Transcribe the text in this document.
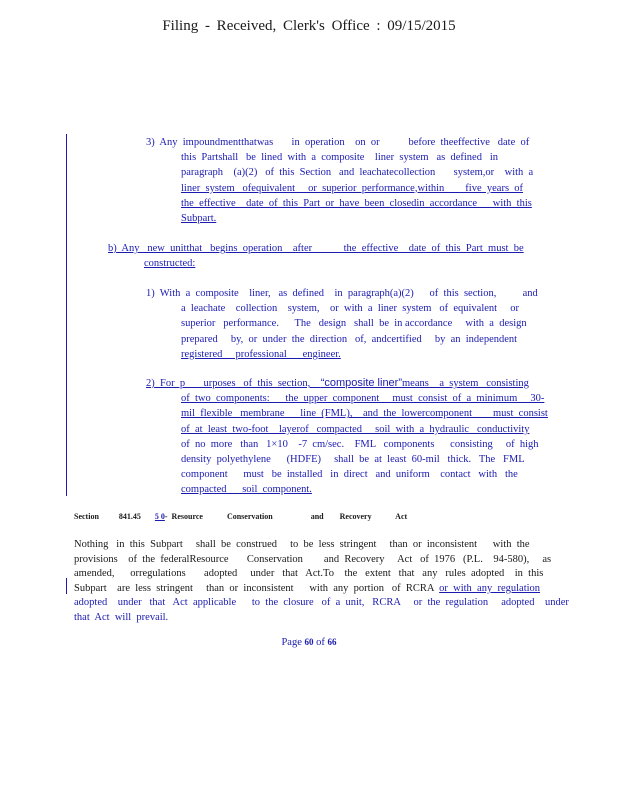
Filing - Received, Clerk's Office : 09/15/2015

3)  Any  impoundmentthatwas       in  operation    on  or           before  theeffective   date  of

this  Partshall   be  lined  with  a  composite    liner  system   as  defined   in

paragraph    (a)(2)   of  this  Section   and  leachatecollection       system,or    with  a

liner  system   ofequivalent     or  superior  performance,within        five  years  of

the  effective    date  of  this  Part  or  have  been  closedin  accordance      with  this

Subpart.

b)  Any   new  unitthat   begins  operation    after            the  effective    date  of  this  Part  must  be

constructed:

1)  With  a  composite    liner,   as  defined    in  paragraph(a)(2)      of  this  section,          and

a  leachate    collection    system,    or  with  a  liner  system   of  equivalent     or

superior   performance.      The   design   shall  be  in accordance     with  a  design

prepared     by,  or  under  the  direction   of,  andcertified     by  an  independent

registered     professional      engineer.

2)  For  p       urposes   of  this  section,    “composite liner”means    a  system   consisting

of  two  components:      the  upper  component     must  consist  of  a  minimum     30-

mil  flexible   membrane      line  (FML),    and  the  lowercomponent        must  consist

of  at  least  two-foot    layerof   compacted     soil  with  a  hydraulic   conductivity

of  no  more   than   1×10    -7  cm/sec.    FML   components      consisting     of  high

density  polyethylene      (HDFE)     shall  be  at  least  60-mil   thick.   The   FML

component      must   be  installed   in  direct   and  uniform    contact   with   the

compacted      soil  component.

Section	841.45 5 0-  Resource            Conservation                   and        Recovery            Act

Nothing   in  this  Subpart     shall  be  construed     to  be  less  stringent     than  or  inconsistent      with  the

provisions    of  the  federalResource       Conservation        and  Recovery     Act   of  1976   (P.L.    94-580),     as

amended,      orregulations       adopted     under   that   Act.To    the   extent   that   any   rules  adopted    in  this

Subpart    are  less  stringent     than  or  inconsistent      with  any  portion   of  RCRA  or  with  any  regulation

adopted    under   that   Act  applicable      to  the  closure   of  a  unit,   RCRA     or  the  regulation     adopted    under

that  Act  will  prevail.

Page 60 of 66
